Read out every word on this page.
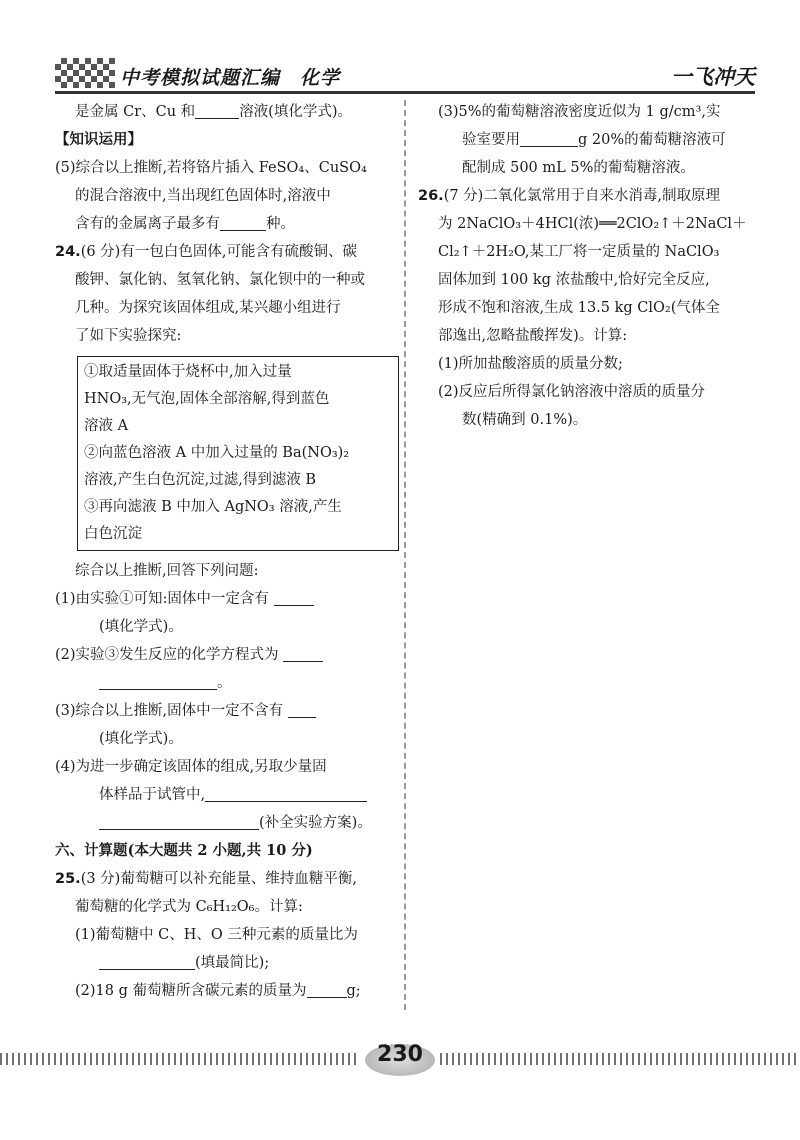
中考模拟试题汇编　化学	一飞冲天
是金属 Cr、Cu 和	溶液(填化学式)。
【知识运用】
(5)综合以上推断,若将铬片插入 FeSO₄、CuSO₄
的混合溶液中,当出现红色固体时,溶液中
含有的金属离子最多有	种。
24.(6 分)有一包白色固体,可能含有硫酸铜、碳
酸钾、氯化钠、氢氧化钠、氯化钡中的一种或
几种。为探究该固体组成,某兴趣小组进行
了如下实验探究:
①取适量固体于烧杯中,加入过量
HNO₃,无气泡,固体全部溶解,得到蓝色
溶液 A
②向蓝色溶液 A 中加入过量的 Ba(NO₃)₂
溶液,产生白色沉淀,过滤,得到滤液 B
③再向滤液 B 中加入 AgNO₃ 溶液,产生
白色沉淀
综合以上推断,回答下列问题:
(1)由实验①可知:固体中一定含有
(填化学式)。
(2)实验③发生反应的化学方程式为
。
(3)综合以上推断,固体中一定不含有
(填化学式)。
(4)为进一步确定该固体的组成,另取少量固
体样品于试管中,
(补全实验方案)。
六、计算题(本大题共 2 小题,共 10 分)
25.(3 分)葡萄糖可以补充能量、维持血糖平衡,
葡萄糖的化学式为 C₆H₁₂O₆。计算:
(1)葡萄糖中 C、H、O 三种元素的质量比为
(填最简比);
(2)18 g 葡萄糖所含碳元素的质量为	g;
(3)5%的葡萄糖溶液密度近似为 1 g/cm³,实
验室要用	g 20%的葡萄糖溶液可
配制成 500 mL 5%的葡萄糖溶液。
26.(7 分)二氧化氯常用于自来水消毒,制取原理
为 2NaClO₃＋4HCl(浓)══2ClO₂↑＋2NaCl＋
Cl₂↑＋2H₂O,某工厂将一定质量的 NaClO₃
固体加到 100 kg 浓盐酸中,恰好完全反应,
形成不饱和溶液,生成 13.5 kg ClO₂(气体全
部逸出,忽略盐酸挥发)。计算:
(1)所加盐酸溶质的质量分数;
(2)反应后所得氯化钠溶液中溶质的质量分
数(精确到 0.1%)。
230
